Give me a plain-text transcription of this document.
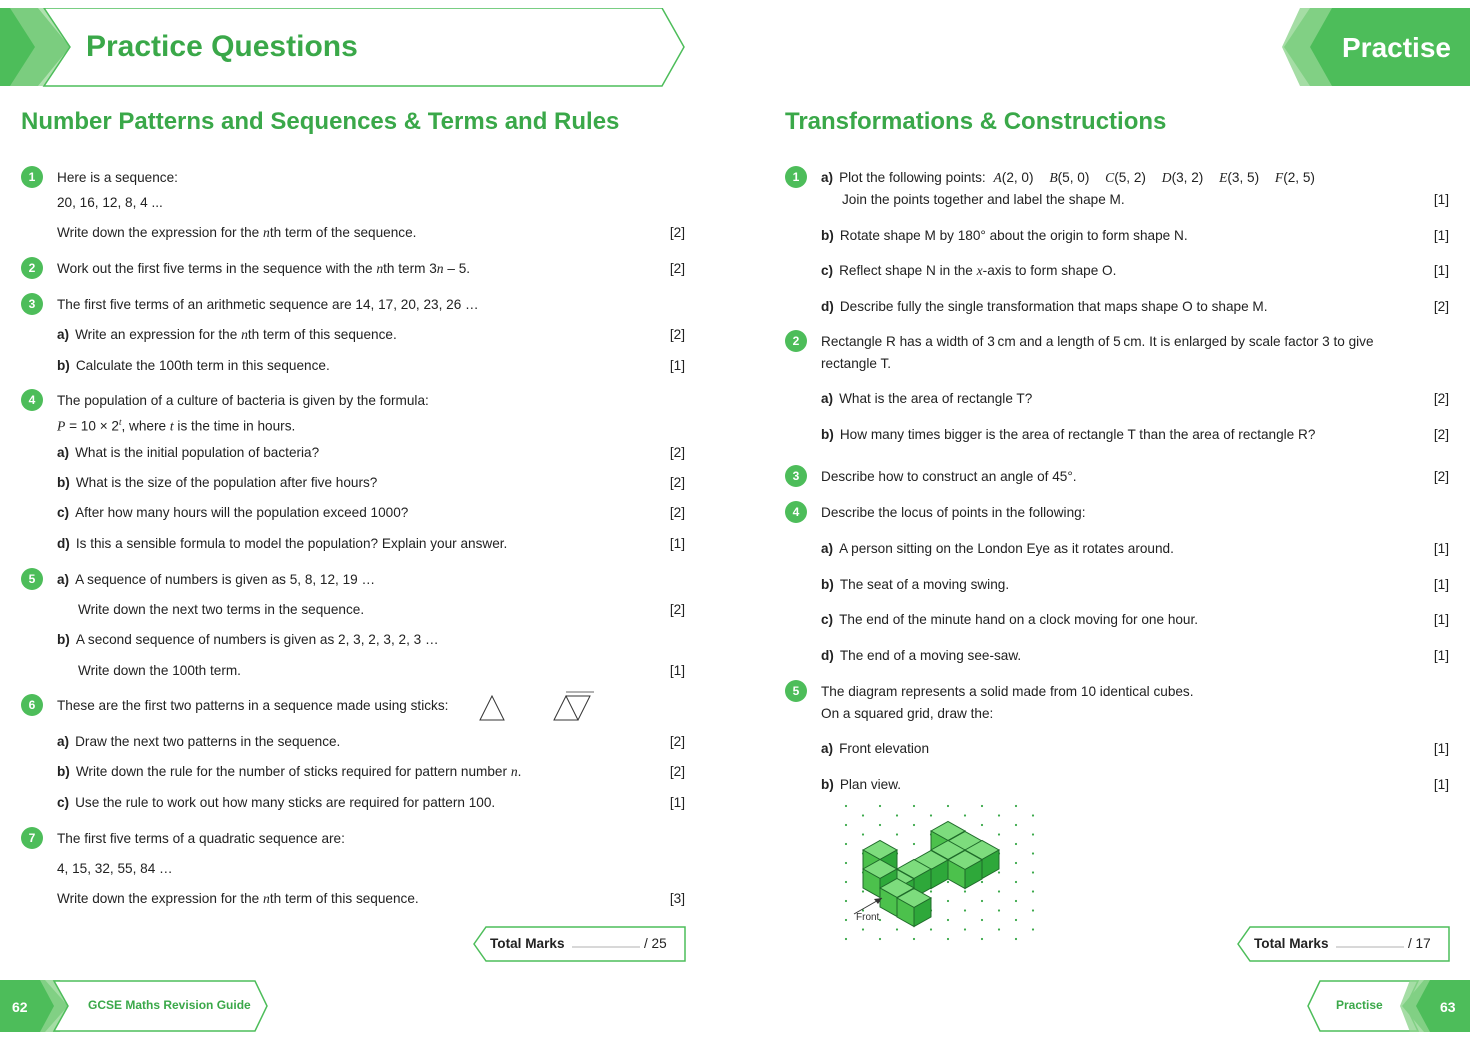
Practice Questions	Practise
Number Patterns and Sequences & Terms and Rules
1	Here is a sequence:
20, 16, 12, 8, 4 ...
Write down the expression for the nth term of the sequence.	[2]
2	Work out the first five terms in the sequence with the nth term 3n – 5.	[2]
3	The first five terms of an arithmetic sequence are 14, 17, 20, 23, 26 …
a) Write an expression for the nth term of this sequence.	[2]
b) Calculate the 100th term in this sequence.	[1]
4	The population of a culture of bacteria is given by the formula:
$P = 10 \times 2^t$, where t is the time in hours.
a) What is the initial population of bacteria?	[2]
b) What is the size of the population after five hours?	[2]
c) After how many hours will the population exceed 1000?	[2]
d) Is this a sensible formula to model the population? Explain your answer.	[1]
5	a) A sequence of numbers is given as 5, 8, 12, 19 …
Write down the next two terms in the sequence.	[2]
b) A second sequence of numbers is given as 2, 3, 2, 3, 2, 3 …
Write down the 100th term.	[1]
6	These are the first two patterns in a sequence made using sticks:
a) Draw the next two patterns in the sequence.	[2]
b) Write down the rule for the number of sticks required for pattern number n.	[2]
c) Use the rule to work out how many sticks are required for pattern 100.	[1]
7	The first five terms of a quadratic sequence are:
4, 15, 32, 55, 84 …
Write down the expression for the nth term of this sequence.	[3]
Total Marks	/ 25
Transformations & Constructions
1	a) Plot the following points: A(2, 0) B(5, 0) C(5, 2) D(3, 2) E(3, 5) F(2, 5)
Join the points together and label the shape M.	[1]
b) Rotate shape M by 180° about the origin to form shape N.	[1]
c) Reflect shape N in the x-axis to form shape O.	[1]
d) Describe fully the single transformation that maps shape O to shape M.	[2]
2	Rectangle R has a width of 3 cm and a length of 5 cm. It is enlarged by scale factor 3 to give
rectangle T.
a) What is the area of rectangle T?	[2]
b) How many times bigger is the area of rectangle T than the area of rectangle R?	[2]
3	Describe how to construct an angle of 45°.	[2]
4	Describe the locus of points in the following:
a) A person sitting on the London Eye as it rotates around.	[1]
b) The seat of a moving swing.	[1]
c) The end of the minute hand on a clock moving for one hour.	[1]
d) The end of a moving see-saw.	[1]
5	The diagram represents a solid made from 10 identical cubes.
On a squared grid, draw the:
a) Front elevation	[1]
b) Plan view.	[1]
Front
Total Marks	/ 17
62	GCSE Maths Revision Guide	Practise	63
